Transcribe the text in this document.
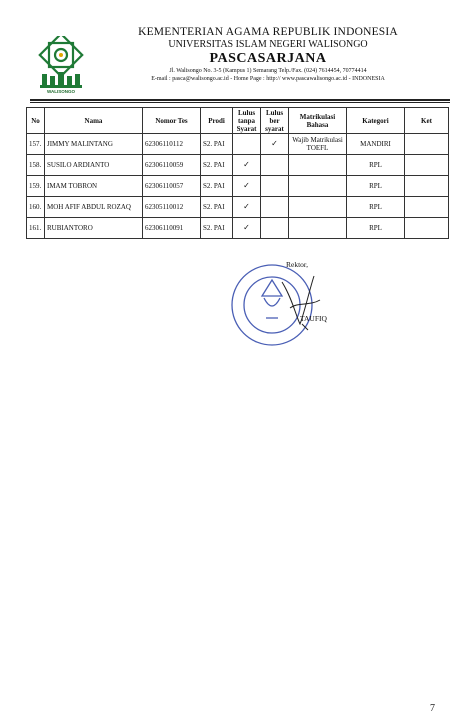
WALISONGO
KEMENTERIAN AGAMA REPUBLIK INDONESIA
UNIVERSITAS ISLAM NEGERI WALISONGO
PASCASARJANA
Jl. Walisongo No. 3-5 (Kampus 1) Semarang Telp./Fax. (024) 7614454, 70774414
E-mail : pasca@walisongo.ac.id - Home Page : http:// www.pascawalisongo.ac.id - INDONESIA
No	Nama	Nomor Tes	Prodi	Lulus tanpa Syarat	Lulus ber syarat	Matrikulasi Bahasa	Kategori	Ket
157.	JIMMY MALINTANG	62306110112	S2. PAI		✓	Wajib Matrikulasi TOEFL	MANDIRI	
158.	SUSILO ARDIANTO	62306110059	S2. PAI	✓			RPL	
159.	IMAM TOBRON	62306110057	S2. PAI	✓			RPL	
160.	MOH AFIF ABDUL ROZAQ	62305110012	S2. PAI	✓			RPL	
161.	RUBIANTORO	62306110091	S2. PAI	✓			RPL	
Rektor,
TAUFIQ
7
